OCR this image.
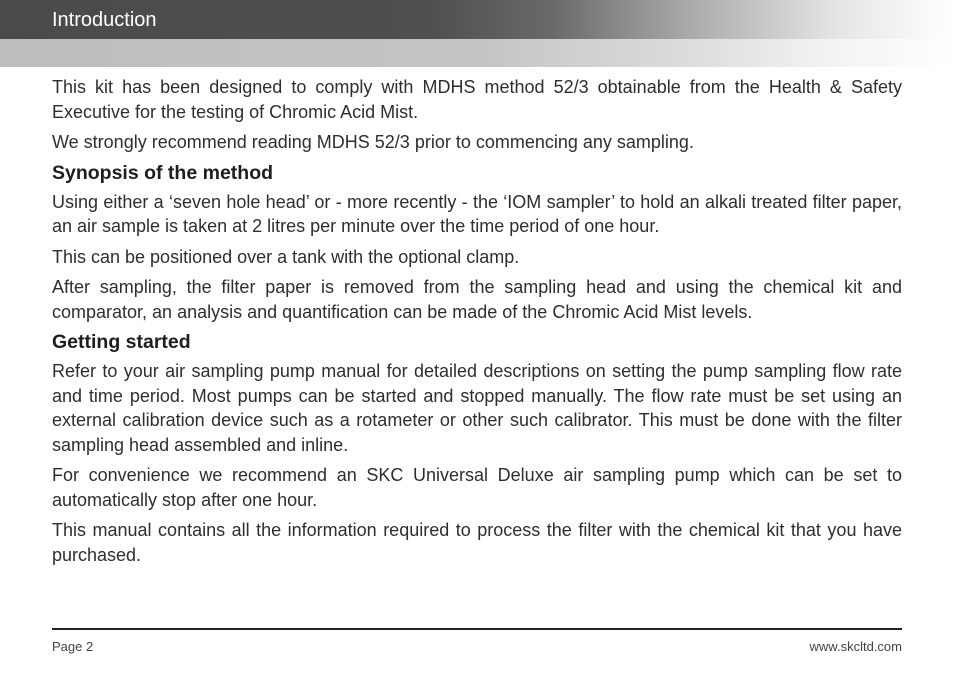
Introduction

This kit has been designed to comply with MDHS method 52/3 obtainable from the Health & Safety Executive for the testing of Chromic Acid Mist.

We strongly recommend reading MDHS 52/3 prior to commencing any sampling.

Synopsis of the method

Using either a ‘seven hole head’ or - more recently - the ‘IOM sampler’ to hold an alkali treated filter paper, an air sample is taken at 2 litres per minute over the time period of one hour.

This can be positioned over a tank with the optional clamp.

After sampling, the filter paper is removed from the sampling head and using the chemical kit and comparator, an analysis and quantification can be made of the Chromic Acid Mist levels.

Getting started

Refer to your air sampling pump manual for detailed descriptions on setting the pump sampling flow rate and time period. Most pumps can be started and stopped manually. The flow rate must be set using an external calibration device such as a rotameter or other such calibrator. This must be done with the filter sampling head assembled and inline.

For convenience we recommend an SKC Universal Deluxe air sampling pump which can be set to automatically stop after one hour.

This manual contains all the information required to process the filter with the chemical kit that you have purchased.

Page 2	www.skcltd.com
